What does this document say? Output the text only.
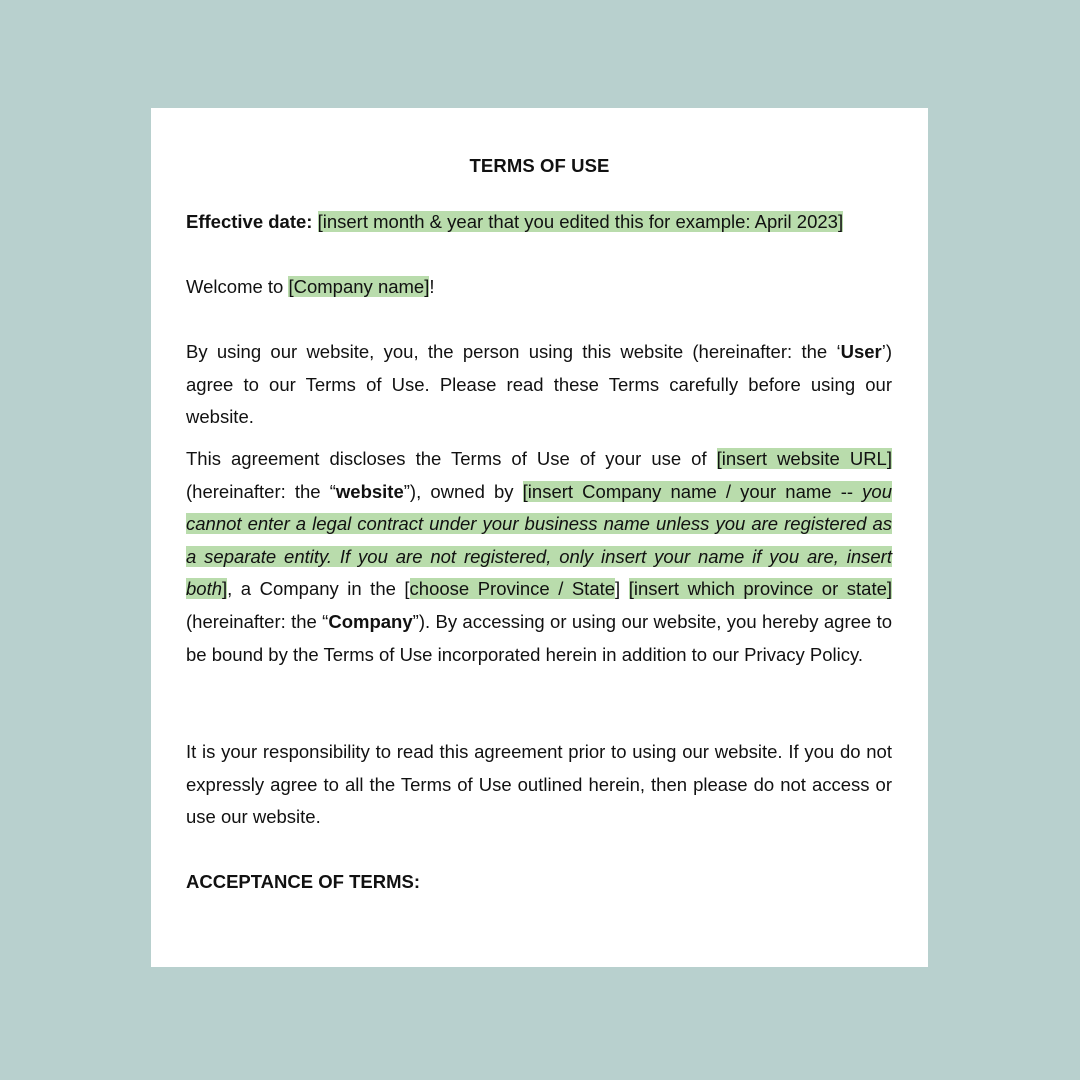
TERMS OF USE

Effective date: [insert month & year that you edited this for example: April 2023]

Welcome to [Company name]!

By using our website, you, the person using this website (hereinafter: the ‘User’) agree to our Terms of Use. Please read these Terms carefully before using our website.

This agreement discloses the Terms of Use of your use of [insert website URL] (hereinafter: the “website”), owned by [insert Company name / your name -- you cannot enter a legal contract under your business name unless you are registered as a separate entity. If you are not registered, only insert your name if you are, insert both], a Company in the [choose Province / State] [insert which province or state] (hereinafter: the “Company”). By accessing or using our website, you hereby agree to be bound by the Terms of Use incorporated herein in addition to our Privacy Policy.

It is your responsibility to read this agreement prior to using our website. If you do not expressly agree to all the Terms of Use outlined herein, then please do not access or use our website.

ACCEPTANCE OF TERMS:
